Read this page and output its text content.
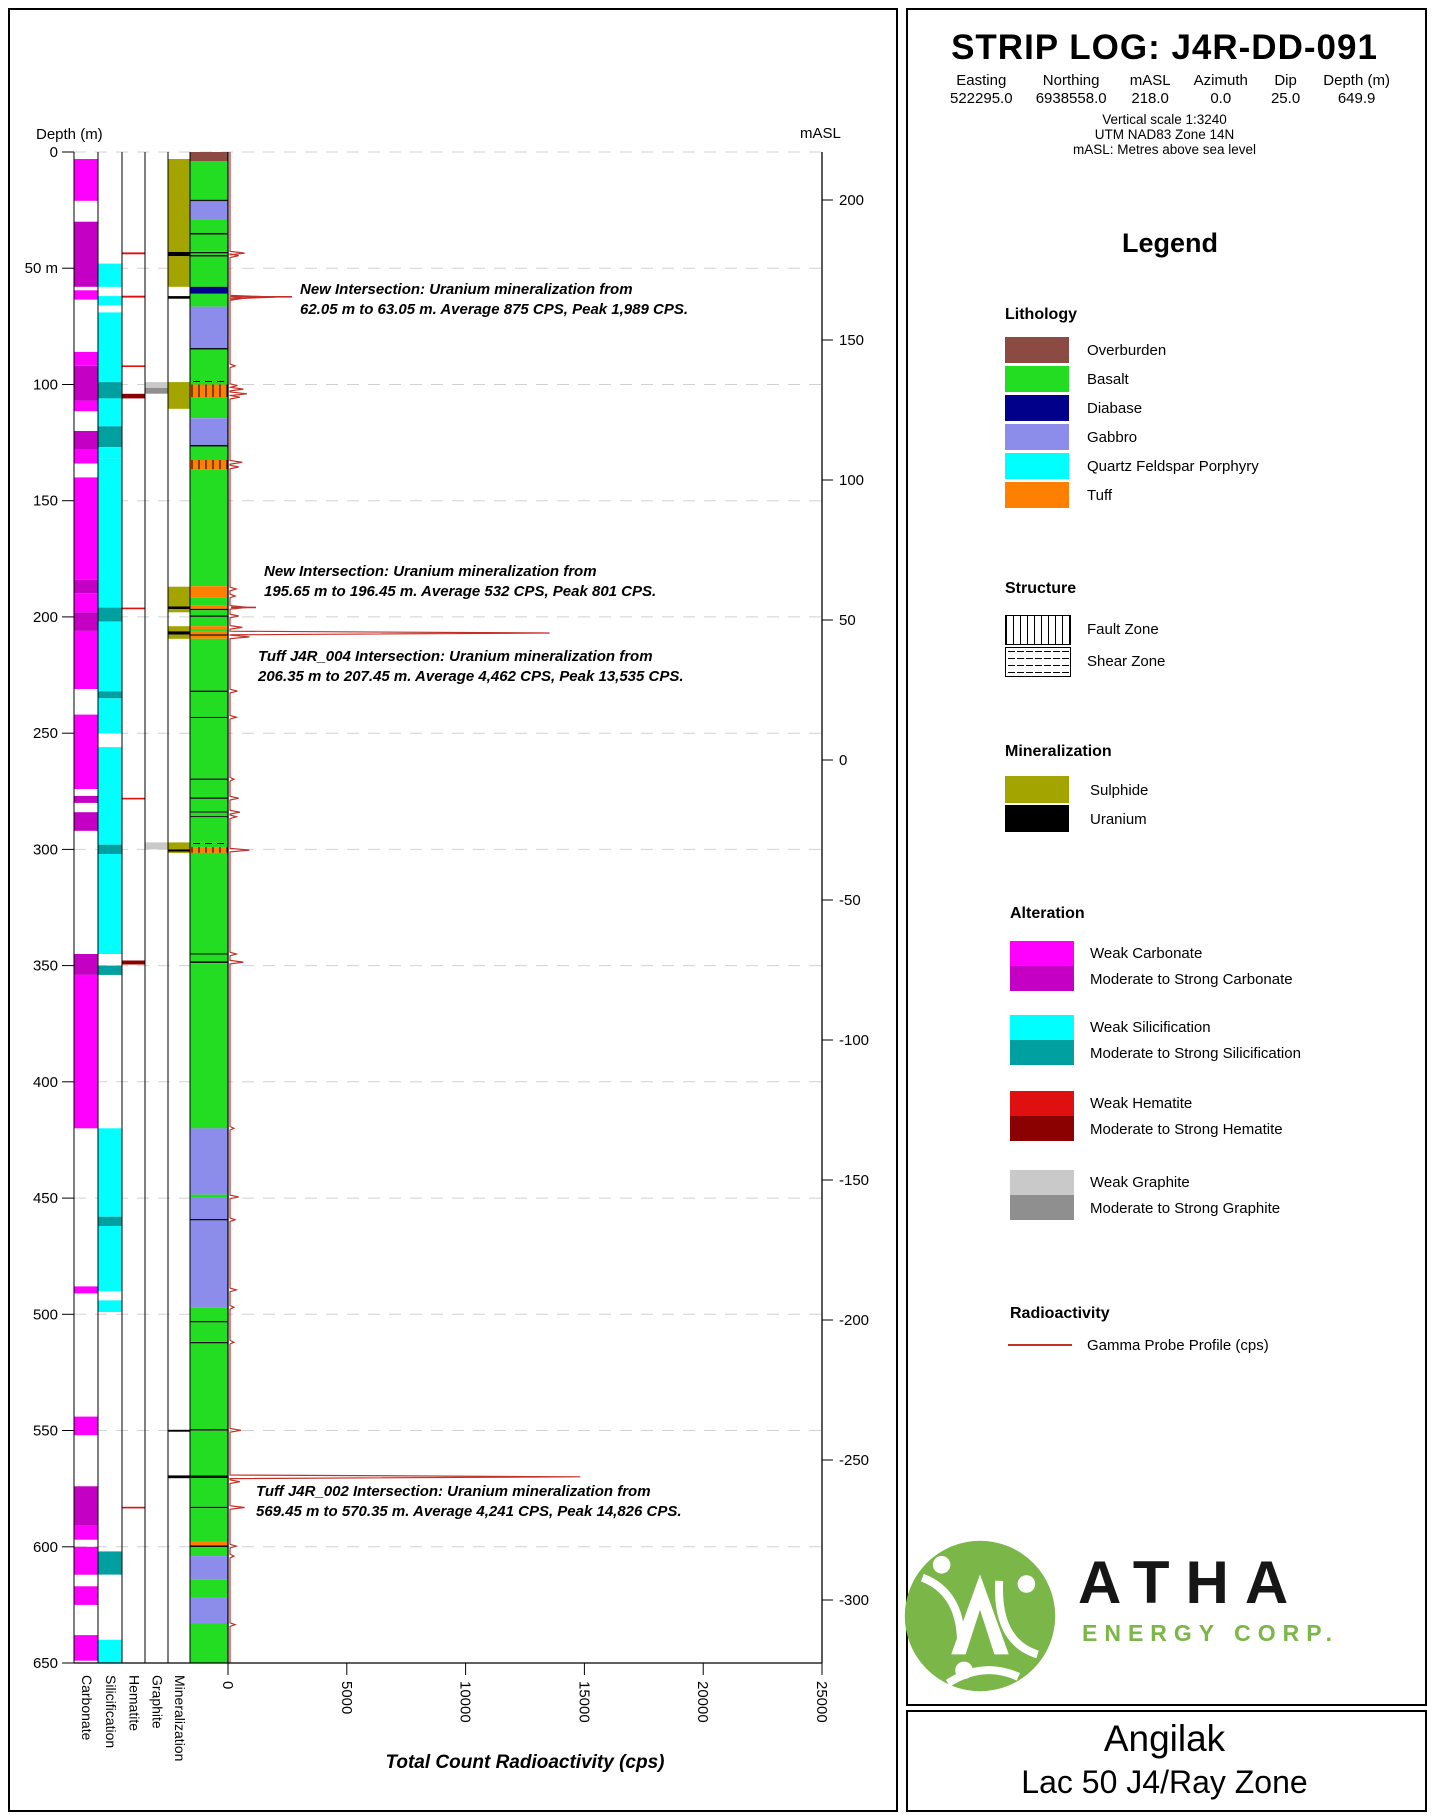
0
50 m
100
150
200
250
300
350
400
450
500
550
600
650
200
150
100
50
0
-50
-100
-150
-200
-250
-300
0	5000	10000	15000	20000	25000
Carbonate Silicification Hematite Graphite Mineralization
Depth (m)	mASL
Total Count Radioactivity (cps)
STRIP LOG: J4R-DD-091
Easting
522295.0
Northing
6938558.0
mASL
218.0
Azimuth
0.0
Dip
25.0
Depth (m)
649.9
Vertical scale 1:3240
UTM NAD83 Zone 14N
mASL: Metres above sea level
Legend
Lithology
Overburden
Basalt
Diabase
Gabbro
Quartz Feldspar Porphyry
Tuff
Structure
Fault Zone
Shear Zone
Mineralization
Sulphide
Uranium
Alteration
Weak Carbonate
Moderate to Strong Carbonate
Weak Silicification
Moderate to Strong Silicification
Weak Hematite
Moderate to Strong Hematite
Weak Graphite
Moderate to Strong Graphite
Radioactivity
Gamma Probe Profile (cps)
ATHA
ENERGY CORP.
Angilak
Lac 50 J4/Ray Zone
New Intersection: Uranium mineralization from
62.05 m to 63.05 m. Average 875 CPS, Peak 1,989 CPS.
New Intersection: Uranium mineralization from
195.65 m to 196.45 m. Average 532 CPS, Peak 801 CPS.
Tuff J4R_004 Intersection: Uranium mineralization from
206.35 m to 207.45 m. Average 4,462 CPS, Peak 13,535 CPS.
Tuff J4R_002 Intersection: Uranium mineralization from
569.45 m to 570.35 m. Average 4,241 CPS, Peak 14,826 CPS.
